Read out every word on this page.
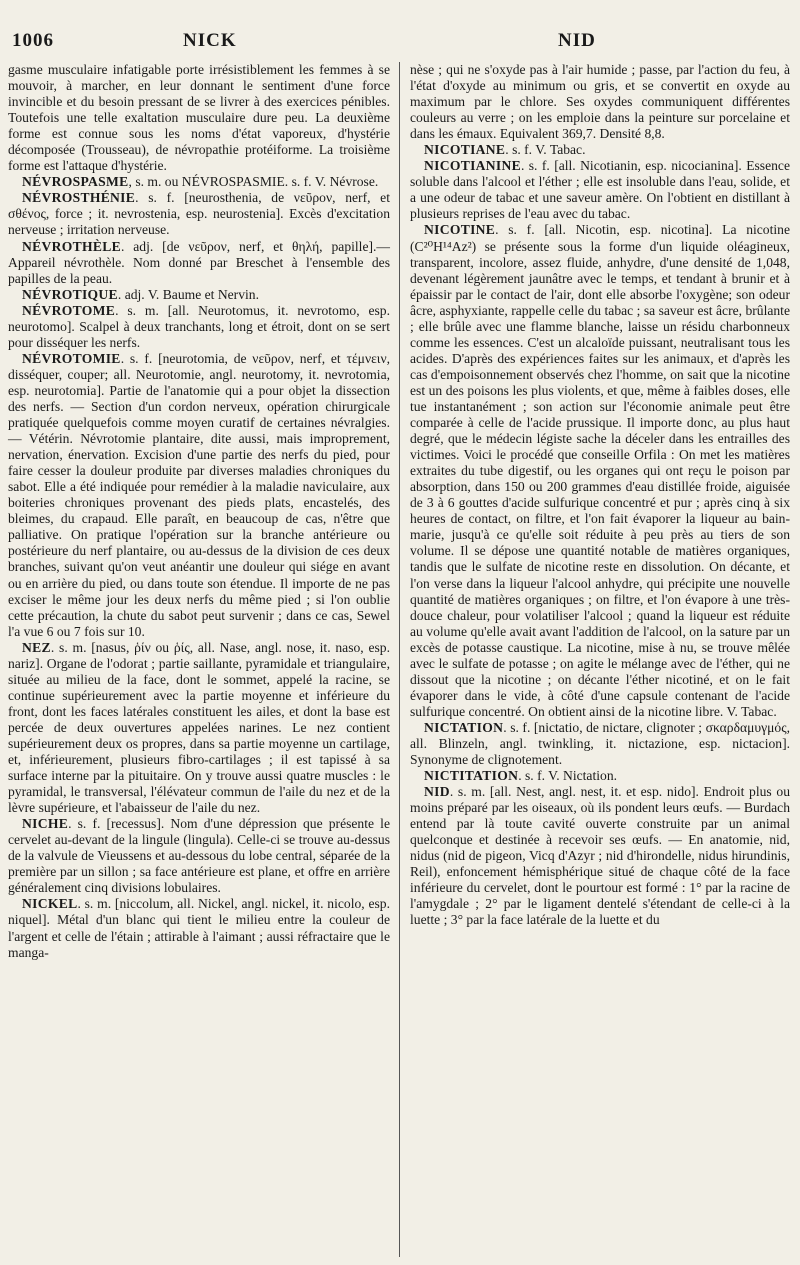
1006	NICK	NID

gasme musculaire infatigable porte irrésistiblement les femmes à se mouvoir, à marcher, en leur donnant le sentiment d'une force invincible et du besoin pressant de se livrer à des exercices pénibles. Toutefois une telle exaltation musculaire dure peu. La deuxième forme est connue sous les noms d'état vaporeux, d'hystérie décomposée (Trousseau), de névropathie protéiforme. La troisième forme est l'attaque d'hystérie.

NÉVROSPASME, s. m. ou NÉVROSPASMIE. s. f. V. Névrose.

NÉVROSTHÉNIE. s. f. [neurosthenia, de νεῦρον, nerf, et σθένος, force ; it. nevrostenia, esp. neurostenia]. Excès d'excitation nerveuse ; irritation nerveuse.

NÉVROTHÈLE. adj. [de νεῦρον, nerf, et θηλή, papille].—Appareil névrothèle. Nom donné par Breschet à l'ensemble des papilles de la peau.

NÉVROTIQUE. adj. V. Baume et Nervin.

NÉVROTOME. s. m. [all. Neurotomus, it. nevrotomo, esp. neurotomo]. Scalpel à deux tranchants, long et étroit, dont on se sert pour disséquer les nerfs.

NÉVROTOMIE. s. f. [neurotomia, de νεῦρον, nerf, et τέμνειν, disséquer, couper; all. Neurotomie, angl. neurotomy, it. nevrotomia, esp. neurotomia]. Partie de l'anatomie qui a pour objet la dissection des nerfs. — Section d'un cordon nerveux, opération chirurgicale pratiquée quelquefois comme moyen curatif de certaines névralgies. — Vétérin. Névrotomie plantaire, dite aussi, mais improprement, nervation, énervation. Excision d'une partie des nerfs du pied, pour faire cesser la douleur produite par diverses maladies chroniques du sabot. Elle a été indiquée pour remédier à la maladie naviculaire, aux boiteries chroniques provenant des pieds plats, encastelés, des bleimes, du crapaud. Elle paraît, en beaucoup de cas, n'être que palliative. On pratique l'opération sur la branche antérieure ou postérieure du nerf plantaire, ou au-dessus de la division de ces deux branches, suivant qu'on veut anéantir une douleur qui siége en avant ou en arrière du pied, ou dans toute son étendue. Il importe de ne pas exciser le même jour les deux nerfs du même pied ; si l'on oublie cette précaution, la chute du sabot peut survenir ; dans ce cas, Sewel l'a vue 6 ou 7 fois sur 10.

NEZ. s. m. [nasus, ῥίν ou ῥίς, all. Nase, angl. nose, it. naso, esp. nariz]. Organe de l'odorat ; partie saillante, pyramidale et triangulaire, située au milieu de la face, dont le sommet, appelé la racine, se continue supérieurement avec la partie moyenne et inférieure du front, dont les faces latérales constituent les ailes, et dont la base est percée de deux ouvertures appelées narines. Le nez contient supérieurement deux os propres, dans sa partie moyenne un cartilage, et, inférieurement, plusieurs fibro-cartilages ; il est tapissé à sa surface interne par la pituitaire. On y trouve aussi quatre muscles : le pyramidal, le transversal, l'élévateur commun de l'aile du nez et de la lèvre supérieure, et l'abaisseur de l'aile du nez.

NICHE. s. f. [recessus]. Nom d'une dépression que présente le cervelet au-devant de la lingule (lingula). Celle-ci se trouve au-dessus de la valvule de Vieussens et au-dessous du lobe central, séparée de la première par un sillon ; sa face antérieure est plane, et offre en arrière généralement cinq divisions lobulaires.

NICKEL. s. m. [niccolum, all. Nickel, angl. nickel, it. nicolo, esp. niquel]. Métal d'un blanc qui tient le milieu entre la couleur de l'argent et celle de l'étain ; attirable à l'aimant ; aussi réfractaire que le manga-

nèse ; qui ne s'oxyde pas à l'air humide ; passe, par l'action du feu, à l'état d'oxyde au minimum ou gris, et se convertit en oxyde au maximum par le chlore. Ses oxydes communiquent différentes couleurs au verre ; on les emploie dans la peinture sur porcelaine et dans les émaux. Equivalent 369,7. Densité 8,8.

NICOTIANE. s. f. V. Tabac.

NICOTIANINE. s. f. [all. Nicotianin, esp. nicocianina]. Essence soluble dans l'alcool et l'éther ; elle est insoluble dans l'eau, solide, et a une odeur de tabac et une saveur amère. On l'obtient en distillant à plusieurs reprises de l'eau avec du tabac.

NICOTINE. s. f. [all. Nicotin, esp. nicotina]. La nicotine (C²⁰H¹⁴Az²) se présente sous la forme d'un liquide oléagineux, transparent, incolore, assez fluide, anhydre, d'une densité de 1,048, devenant légèrement jaunâtre avec le temps, et tendant à brunir et à épaissir par le contact de l'air, dont elle absorbe l'oxygène; son odeur âcre, asphyxiante, rappelle celle du tabac ; sa saveur est âcre, brûlante ; elle brûle avec une flamme blanche, laisse un résidu charbonneux comme les essences. C'est un alcaloïde puissant, neutralisant tous les acides. D'après des expériences faites sur les animaux, et d'après les cas d'empoisonnement observés chez l'homme, on sait que la nicotine est un des poisons les plus violents, et que, même à faibles doses, elle tue instantanément ; son action sur l'économie animale peut être comparée à celle de l'acide prussique. Il importe donc, au plus haut degré, que le médecin légiste sache la déceler dans les entrailles des victimes. Voici le procédé que conseille Orfila : On met les matières extraites du tube digestif, ou les organes qui ont reçu le poison par absorption, dans 150 ou 200 grammes d'eau distillée froide, aiguisée de 3 à 6 gouttes d'acide sulfurique concentré et pur ; après cinq à six heures de contact, on filtre, et l'on fait évaporer la liqueur au bain-marie, jusqu'à ce qu'elle soit réduite à peu près au tiers de son volume. Il se dépose une quantité notable de matières organiques, tandis que le sulfate de nicotine reste en dissolution. On décante, et l'on verse dans la liqueur l'alcool anhydre, qui précipite une nouvelle quantité de matières organiques ; on filtre, et l'on évapore à une très-douce chaleur, pour volatiliser l'alcool ; quand la liqueur est réduite au volume qu'elle avait avant l'addition de l'alcool, on la sature par un excès de potasse caustique. La nicotine, mise à nu, se trouve mêlée avec le sulfate de potasse ; on agite le mélange avec de l'éther, qui ne dissout que la nicotine ; on décante l'éther nicotiné, et on le fait évaporer dans le vide, à côté d'une capsule contenant de l'acide sulfurique concentré. On obtient ainsi de la nicotine libre. V. Tabac.

NICTATION. s. f. [nictatio, de nictare, clignoter ; σκαρδαμυγμός, all. Blinzeln, angl. twinkling, it. nictazione, esp. nictacion]. Synonyme de clignotement.

NICTITATION. s. f. V. Nictation.

NID. s. m. [all. Nest, angl. nest, it. et esp. nido]. Endroit plus ou moins préparé par les oiseaux, où ils pondent leurs œufs. — Burdach entend par là toute cavité ouverte construite par un animal quelconque et destinée à recevoir ses œufs. — En anatomie, nid, nidus (nid de pigeon, Vicq d'Azyr ; nid d'hirondelle, nidus hirundinis, Reil), enfoncement hémisphérique situé de chaque côté de la face inférieure du cervelet, dont le pourtour est formé : 1° par la racine de l'amygdale ; 2° par le ligament dentelé s'étendant de celle-ci à la luette ; 3° par la face latérale de la luette et du
